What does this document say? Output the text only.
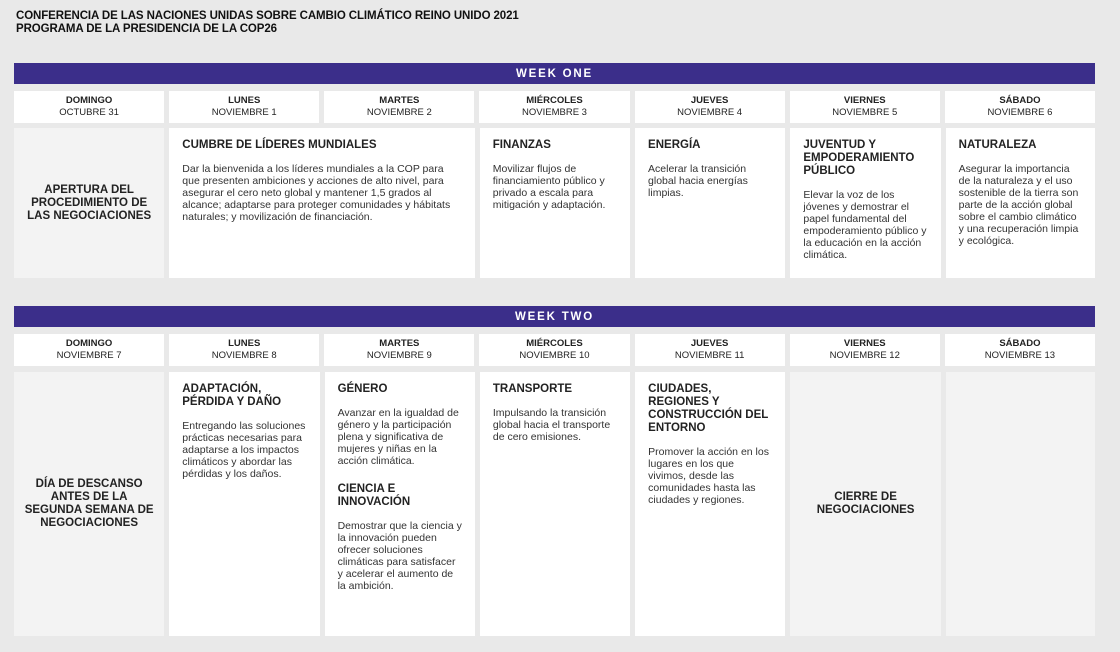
CONFERENCIA DE LAS NACIONES UNIDAS SOBRE CAMBIO CLIMÁTICO REINO UNIDO 2021
PROGRAMA DE LA PRESIDENCIA DE LA COP26
WEEK ONE
DOMINGO
OCTUBRE 31
LUNES
NOVIEMBRE 1
MARTES
NOVIEMBRE 2
MIÉRCOLES
NOVIEMBRE 3
JUEVES
NOVIEMBRE 4
VIERNES
NOVIEMBRE 5
SÁBADO
NOVIEMBRE 6
APERTURA DEL PROCEDIMIENTO DE LAS NEGOCIACIONES
CUMBRE DE LÍDERES MUNDIALES
Dar la bienvenida a los líderes mundiales a la COP para que presenten ambiciones y acciones de alto nivel, para asegurar el cero neto global y mantener 1,5 grados al alcance; adaptarse para proteger comunidades y hábitats naturales; y movilización de financiación.
FINANZAS
Movilizar flujos de financiamiento público y privado a escala para mitigación y adaptación.
ENERGÍA
Acelerar la transición global hacia energías limpias.
JUVENTUD Y EMPODERAMIENTO PÚBLICO
Elevar la voz de los jóvenes y demostrar el papel fundamental del empoderamiento público y la educación en la acción climática.
NATURALEZA
Asegurar la importancia de la naturaleza y el uso sostenible de la tierra son parte de la acción global sobre el cambio climático y una recuperación limpia y ecológica.
WEEK TWO
DOMINGO
NOVIEMBRE 7
LUNES
NOVIEMBRE 8
MARTES
NOVIEMBRE 9
MIÉRCOLES
NOVIEMBRE 10
JUEVES
NOVIEMBRE 11
VIERNES
NOVIEMBRE 12
SÁBADO
NOVIEMBRE 13
DÍA DE DESCANSO ANTES DE LA SEGUNDA SEMANA DE NEGOCIACIONES
ADAPTACIÓN, PÉRDIDA Y DAÑO
Entregando las soluciones prácticas necesarias para adaptarse a los impactos climáticos y abordar las pérdidas y los daños.
GÉNERO
Avanzar en la igualdad de género y la participación plena y significativa de mujeres y niñas en la acción climática.
CIENCIA E INNOVACIÓN
Demostrar que la ciencia y la innovación pueden ofrecer soluciones climáticas para satisfacer y acelerar el aumento de la ambición.
TRANSPORTE
Impulsando la transición global hacia el transporte de cero emisiones.
CIUDADES, REGIONES Y CONSTRUCCIÓN DEL ENTORNO
Promover la acción en los lugares en los que vivimos, desde las comunidades hasta las ciudades y regiones.	CIERRE DE NEGOCIACIONES
